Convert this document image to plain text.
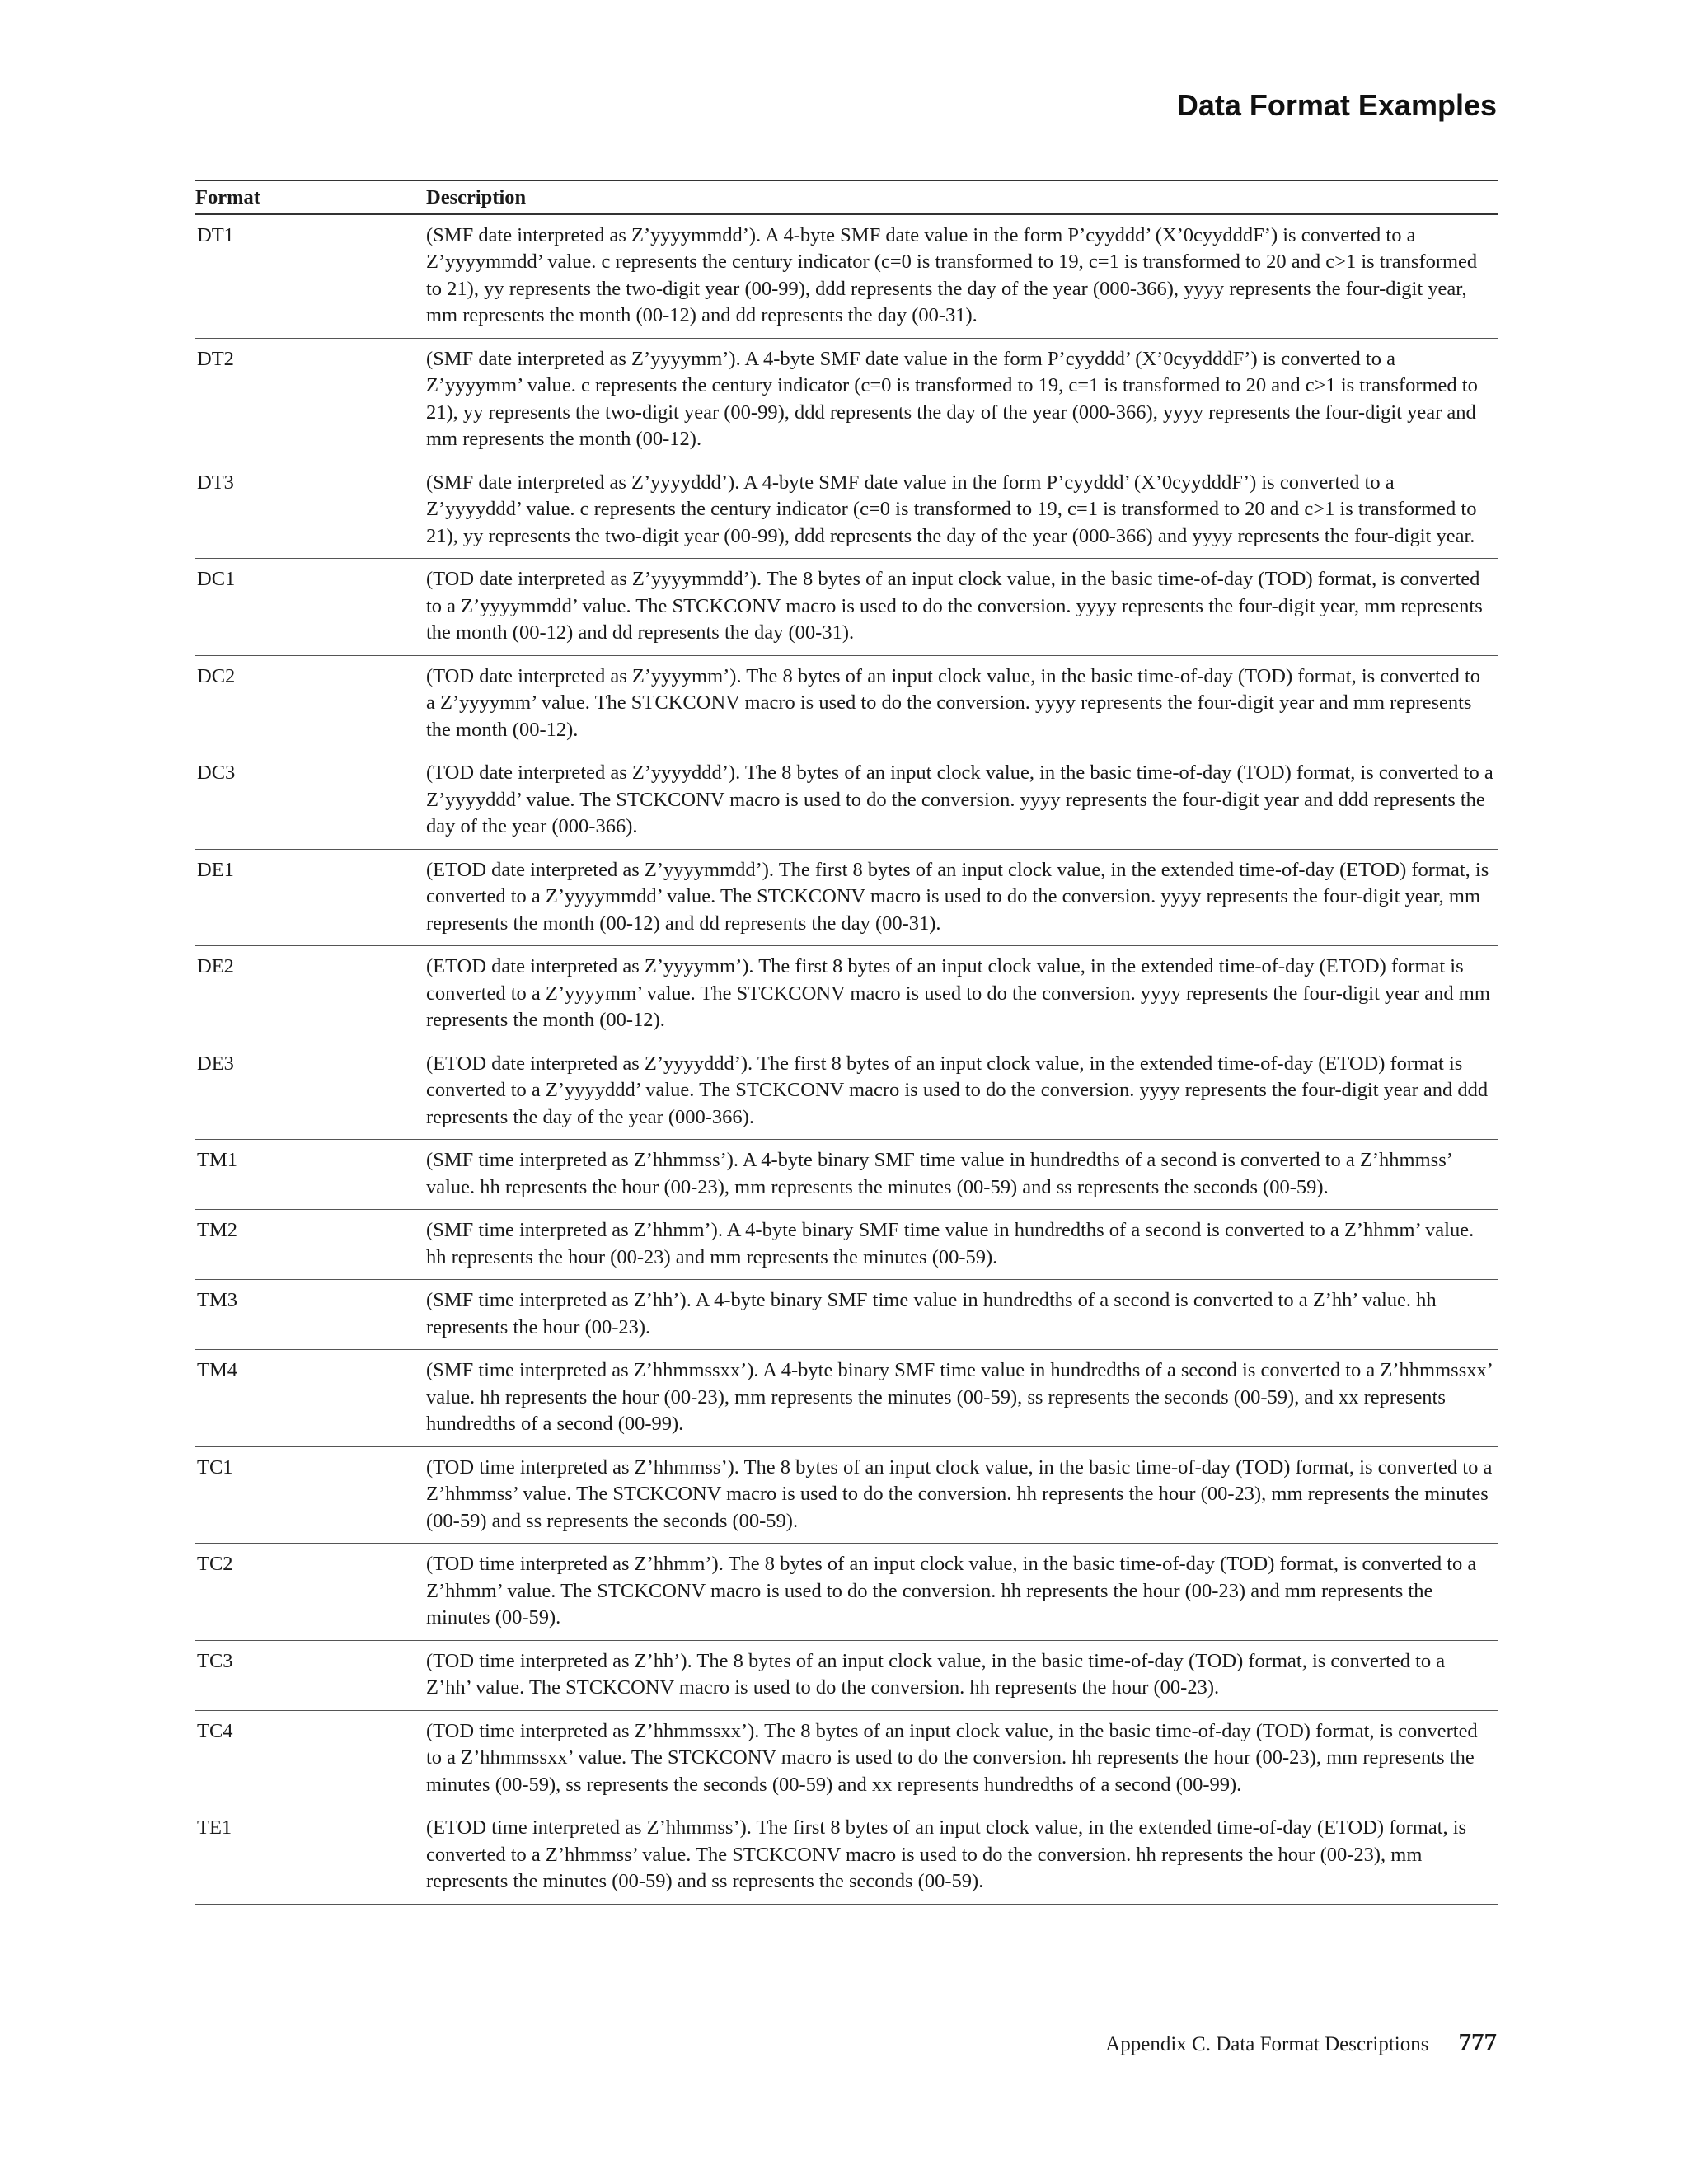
Data Format Examples
Format	Description
DT1	(SMF date interpreted as Z’yyyymmdd’). A 4-byte SMF date value in the form P’cyyddd’ (X’0cyydddF’) is converted to a Z’yyyymmdd’ value. c represents the century indicator (c=0 is transformed to 19, c=1 is transformed to 20 and c>1 is transformed to 21), yy represents the two-digit year (00-99), ddd represents the day of the year (000-366), yyyy represents the four-digit year, mm represents the month (00-12) and dd represents the day (00-31).
DT2	(SMF date interpreted as Z’yyyymm’). A 4-byte SMF date value in the form P’cyyddd’ (X’0cyydddF’) is converted to a Z’yyyymm’ value. c represents the century indicator (c=0 is transformed to 19, c=1 is transformed to 20 and c>1 is transformed to 21), yy represents the two-digit year (00-99), ddd represents the day of the year (000-366), yyyy represents the four-digit year and mm represents the month (00-12).
DT3	(SMF date interpreted as Z’yyyyddd’). A 4-byte SMF date value in the form P’cyyddd’ (X’0cyydddF’) is converted to a Z’yyyyddd’ value. c represents the century indicator (c=0 is transformed to 19, c=1 is transformed to 20 and c>1 is transformed to 21), yy represents the two-digit year (00-99), ddd represents the day of the year (000-366) and yyyy represents the four-digit year.
DC1	(TOD date interpreted as Z’yyyymmdd’). The 8 bytes of an input clock value, in the basic time-of-day (TOD) format, is converted to a Z’yyyymmdd’ value. The STCKCONV macro is used to do the conversion. yyyy represents the four-digit year, mm represents the month (00-12) and dd represents the day (00-31).
DC2	(TOD date interpreted as Z’yyyymm’). The 8 bytes of an input clock value, in the basic time-of-day (TOD) format, is converted to a Z’yyyymm’ value. The STCKCONV macro is used to do the conversion. yyyy represents the four-digit year and mm represents the month (00-12).
DC3	(TOD date interpreted as Z’yyyyddd’). The 8 bytes of an input clock value, in the basic time-of-day (TOD) format, is converted to a Z’yyyyddd’ value. The STCKCONV macro is used to do the conversion. yyyy represents the four-digit year and ddd represents the day of the year (000-366).
DE1	(ETOD date interpreted as Z’yyyymmdd’). The first 8 bytes of an input clock value, in the extended time-of-day (ETOD) format, is converted to a Z’yyyymmdd’ value. The STCKCONV macro is used to do the conversion. yyyy represents the four-digit year, mm represents the month (00-12) and dd represents the day (00-31).
DE2	(ETOD date interpreted as Z’yyyymm’). The first 8 bytes of an input clock value, in the extended time-of-day (ETOD) format is converted to a Z’yyyymm’ value. The STCKCONV macro is used to do the conversion. yyyy represents the four-digit year and mm represents the month (00-12).
DE3	(ETOD date interpreted as Z’yyyyddd’). The first 8 bytes of an input clock value, in the extended time-of-day (ETOD) format is converted to a Z’yyyyddd’ value. The STCKCONV macro is used to do the conversion. yyyy represents the four-digit year and ddd represents the day of the year (000-366).
TM1	(SMF time interpreted as Z’hhmmss’). A 4-byte binary SMF time value in hundredths of a second is converted to a Z’hhmmss’ value. hh represents the hour (00-23), mm represents the minutes (00-59) and ss represents the seconds (00-59).
TM2	(SMF time interpreted as Z’hhmm’). A 4-byte binary SMF time value in hundredths of a second is converted to a Z’hhmm’ value. hh represents the hour (00-23) and mm represents the minutes (00-59).
TM3	(SMF time interpreted as Z’hh’). A 4-byte binary SMF time value in hundredths of a second is converted to a Z’hh’ value. hh represents the hour (00-23).
TM4	(SMF time interpreted as Z’hhmmssxx’). A 4-byte binary SMF time value in hundredths of a second is converted to a Z’hhmmssxx’ value. hh represents the hour (00-23), mm represents the minutes (00-59), ss represents the seconds (00-59), and xx represents hundredths of a second (00-99).
TC1	(TOD time interpreted as Z’hhmmss’). The 8 bytes of an input clock value, in the basic time-of-day (TOD) format, is converted to a Z’hhmmss’ value. The STCKCONV macro is used to do the conversion. hh represents the hour (00-23), mm represents the minutes (00-59) and ss represents the seconds (00-59).
TC2	(TOD time interpreted as Z’hhmm’). The 8 bytes of an input clock value, in the basic time-of-day (TOD) format, is converted to a Z’hhmm’ value. The STCKCONV macro is used to do the conversion. hh represents the hour (00-23) and mm represents the minutes (00-59).
TC3	(TOD time interpreted as Z’hh’). The 8 bytes of an input clock value, in the basic time-of-day (TOD) format, is converted to a Z’hh’ value. The STCKCONV macro is used to do the conversion. hh represents the hour (00-23).
TC4	(TOD time interpreted as Z’hhmmssxx’). The 8 bytes of an input clock value, in the basic time-of-day (TOD) format, is converted to a Z’hhmmssxx’ value. The STCKCONV macro is used to do the conversion. hh represents the hour (00-23), mm represents the minutes (00-59), ss represents the seconds (00-59) and xx represents hundredths of a second (00-99).
TE1	(ETOD time interpreted as Z’hhmmss’). The first 8 bytes of an input clock value, in the extended time-of-day (ETOD) format, is converted to a Z’hhmmss’ value. The STCKCONV macro is used to do the conversion. hh represents the hour (00-23), mm represents the minutes (00-59) and ss represents the seconds (00-59).
Appendix C. Data Format Descriptions 777
